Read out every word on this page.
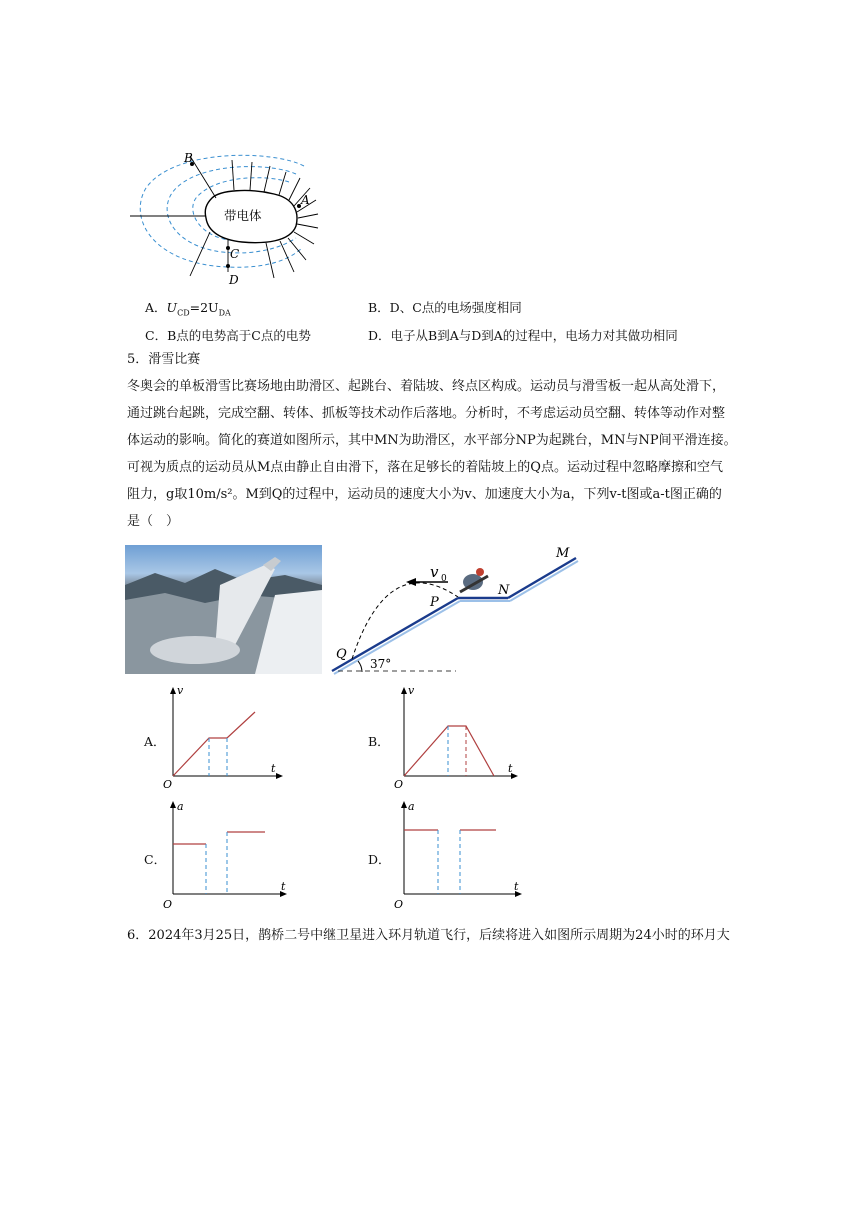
带电体
B
A
C
D
A．$U_{CD}=2U_{DA}$	B．D、C点的电场强度相同
C．B点的电势高于C点的电势	D．电子从B到A与D到A的过程中，电场力对其做功相同
5．滑雪比赛
冬奥会的单板滑雪比赛场地由助滑区、起跳台、着陆坡、终点区构成。运动员与滑雪板一起从高处滑下，
通过跳台起跳，完成空翻、转体、抓板等技术动作后落地。分析时，不考虑运动员空翻、转体等动作对整
体运动的影响。简化的赛道如图所示，其中MN为助滑区，水平部分NP为起跳台，MN与NP间平滑连接。
可视为质点的运动员从M点由静止自由滑下，落在足够长的着陆坡上的Q点。运动过程中忽略摩擦和空气
阻力，g取10m/s²。M到Q的过程中，运动员的速度大小为v、加速度大小为a，下列v-t图或a-t图正确的
是（　）
v 0
M
N
P
Q
37°
A．
v
t
O
B．
v
t
O
C．
a
t
O
D．
a
t
O
6．2024年3月25日，鹊桥二号中继卫星进入环月轨道飞行，后续将进入如图所示周期为24小时的环月大
